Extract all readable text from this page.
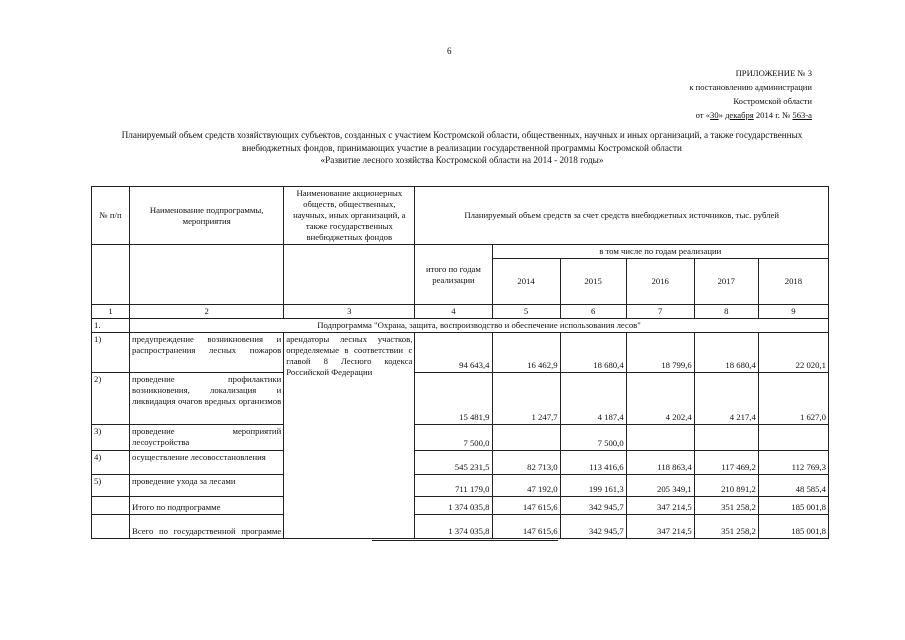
6
ПРИЛОЖЕНИЕ № 3
к постановлению администрации
Костромской области
от «30» декабря 2014 г. № 563-а
Планируемый объем средств хозяйствующих субъектов, созданных с участием Костромской области, общественных, научных и иных организаций, а также государственных
внебюджетных фондов, принимающих участие в реализации государственной программы Костромской области
«Развитие лесного хозяйства Костромской области на 2014 - 2018 годы»
№ п/п	Наименование подпрограммы, мероприятия	Наименование акционерных обществ, общественных, научных, иных организаций, а также государственных внебюджетных фондов	Планируемый объем средств за счет средств внебюджетных источников, тыс. рублей					

			итого по годам реализации	в том числе по годам реализации				
				2014	2015	2016	2017	2018
1	2	3	4	5	6	7	8	9
1.	Подпрограмма "Охрана, защита, воспроизводство и обеспечение использования лесов"							
1)	предупреждение возникновения и распространения лесных пожаров	арендаторы лесных участков, определяемые в соответствии с главой 8 Лесного кодекса Российской Федерации	94 643,4	16 462,9	18 680,4	18 799,6	18 680,4	22 020,1
2)	проведение профилактики возникновения, локализация и ликвидация очагов вредных организмов		15 481,9	1 247,7	4 187,4	4 202,4	4 217,4	1 627,0
3)	проведение мероприятий лесоустройства		7 500,0		7 500,0			
4)	осуществление лесовосстановления		545 231,5	82 713,0	113 416,6	118 863,4	117 469,2	112 769,3
5)	проведение ухода за лесами		711 179,0	47 192,0	199 161,3	205 349,1	210 891,2	48 585,4
	Итого по подпрограмме		1 374 035,8	147 615,6	342 945,7	347 214,5	351 258,2	185 001,8
	Всего по государственной программе		1 374 035,8	147 615,6	342 945,7	347 214,5	351 258,2	185 001,8
